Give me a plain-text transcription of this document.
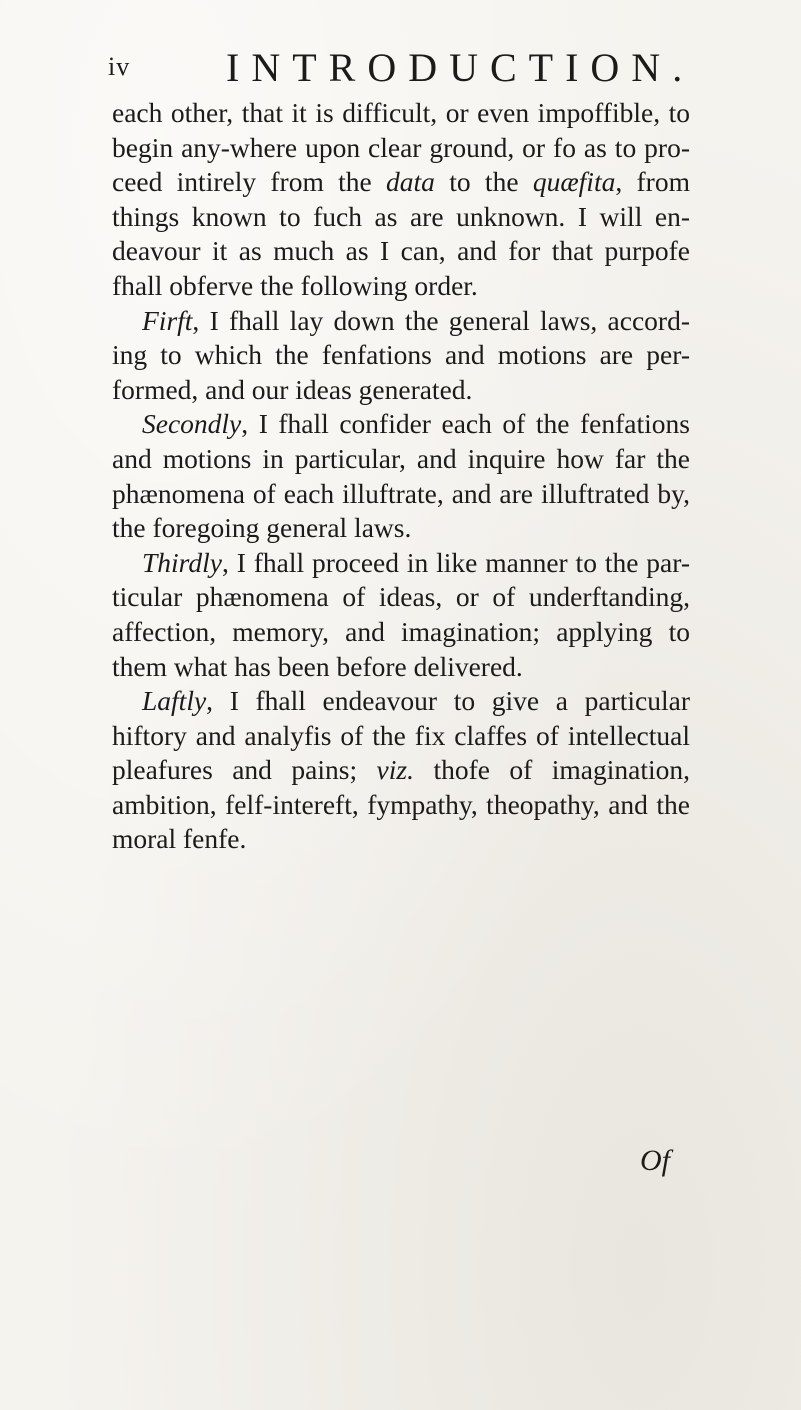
iv INTRODUCTION.

each other, that it is difficult, or even impoffible, to begin any-where upon clear ground, or fo as to pro-ceed intirely from the data to the quæfita, from things known to fuch as are unknown. I will en-deavour it as much as I can, and for that purpofe fhall obferve the following order.

Firft, I fhall lay down the general laws, accord-ing to which the fenfations and motions are per-formed, and our ideas generated.

Secondly, I fhall confider each of the fenfations and motions in particular, and inquire how far the phænomena of each illuftrate, and are illuftrated by, the foregoing general laws.

Thirdly, I fhall proceed in like manner to the par-ticular phænomena of ideas, or of underftanding, affection, memory, and imagination; applying to them what has been before delivered.

Laftly, I fhall endeavour to give a particular hiftory and analyfis of the fix claffes of intellectual pleafures and pains; viz. thofe of imagination, ambition, felf-intereft, fympathy, theopathy, and the moral fenfe.

Of
